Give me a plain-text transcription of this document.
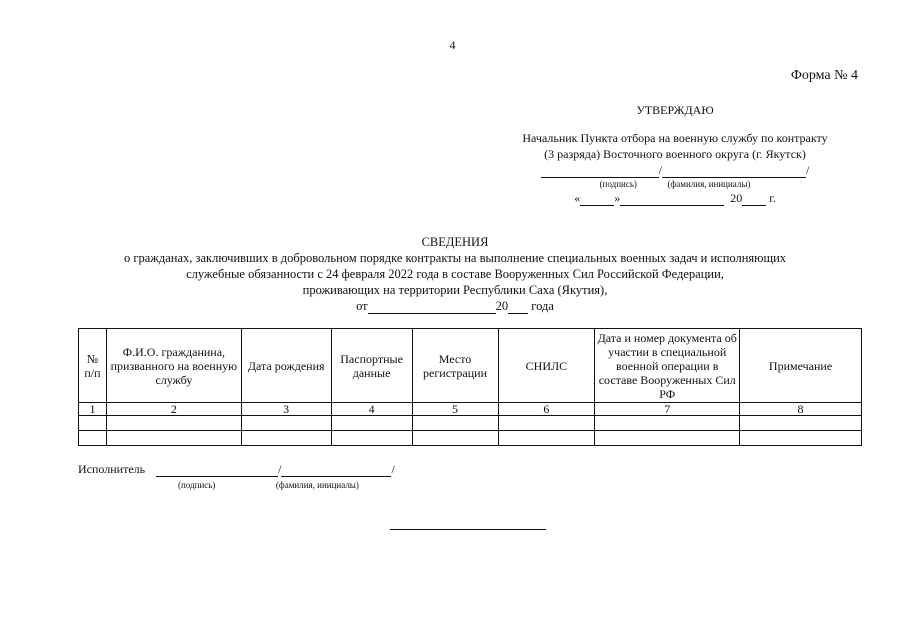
4
Форма № 4
УТВЕРЖДАЮ
Начальник Пункта отбора на военную службу по контракту
(3 разряда) Восточного военного округа (г. Якутск)
/	/
(подпись)	(фамилия, инициалы)
«	»	20 г.
СВЕДЕНИЯ
о гражданах, заключивших в добровольном порядке контракты на выполнение специальных военных задач и исполняющих
служебные обязанности с 24 февраля 2022 года в составе Вооруженных Сил Российской Федерации,
проживающих на территории Республики Саха (Якутия),
от	20 года
№ п/п	Ф.И.О. гражданина, призванного на военную службу	Дата рождения	Паспортные данные	Место регистрации	СНИЛС	Дата и номер документа об участии в специальной военной операции в составе Вооруженных Сил РФ	Примечание
1	2	3	4	5	6	7	8

Исполнитель	/	/
(подпись)	(фамилия, инициалы)
